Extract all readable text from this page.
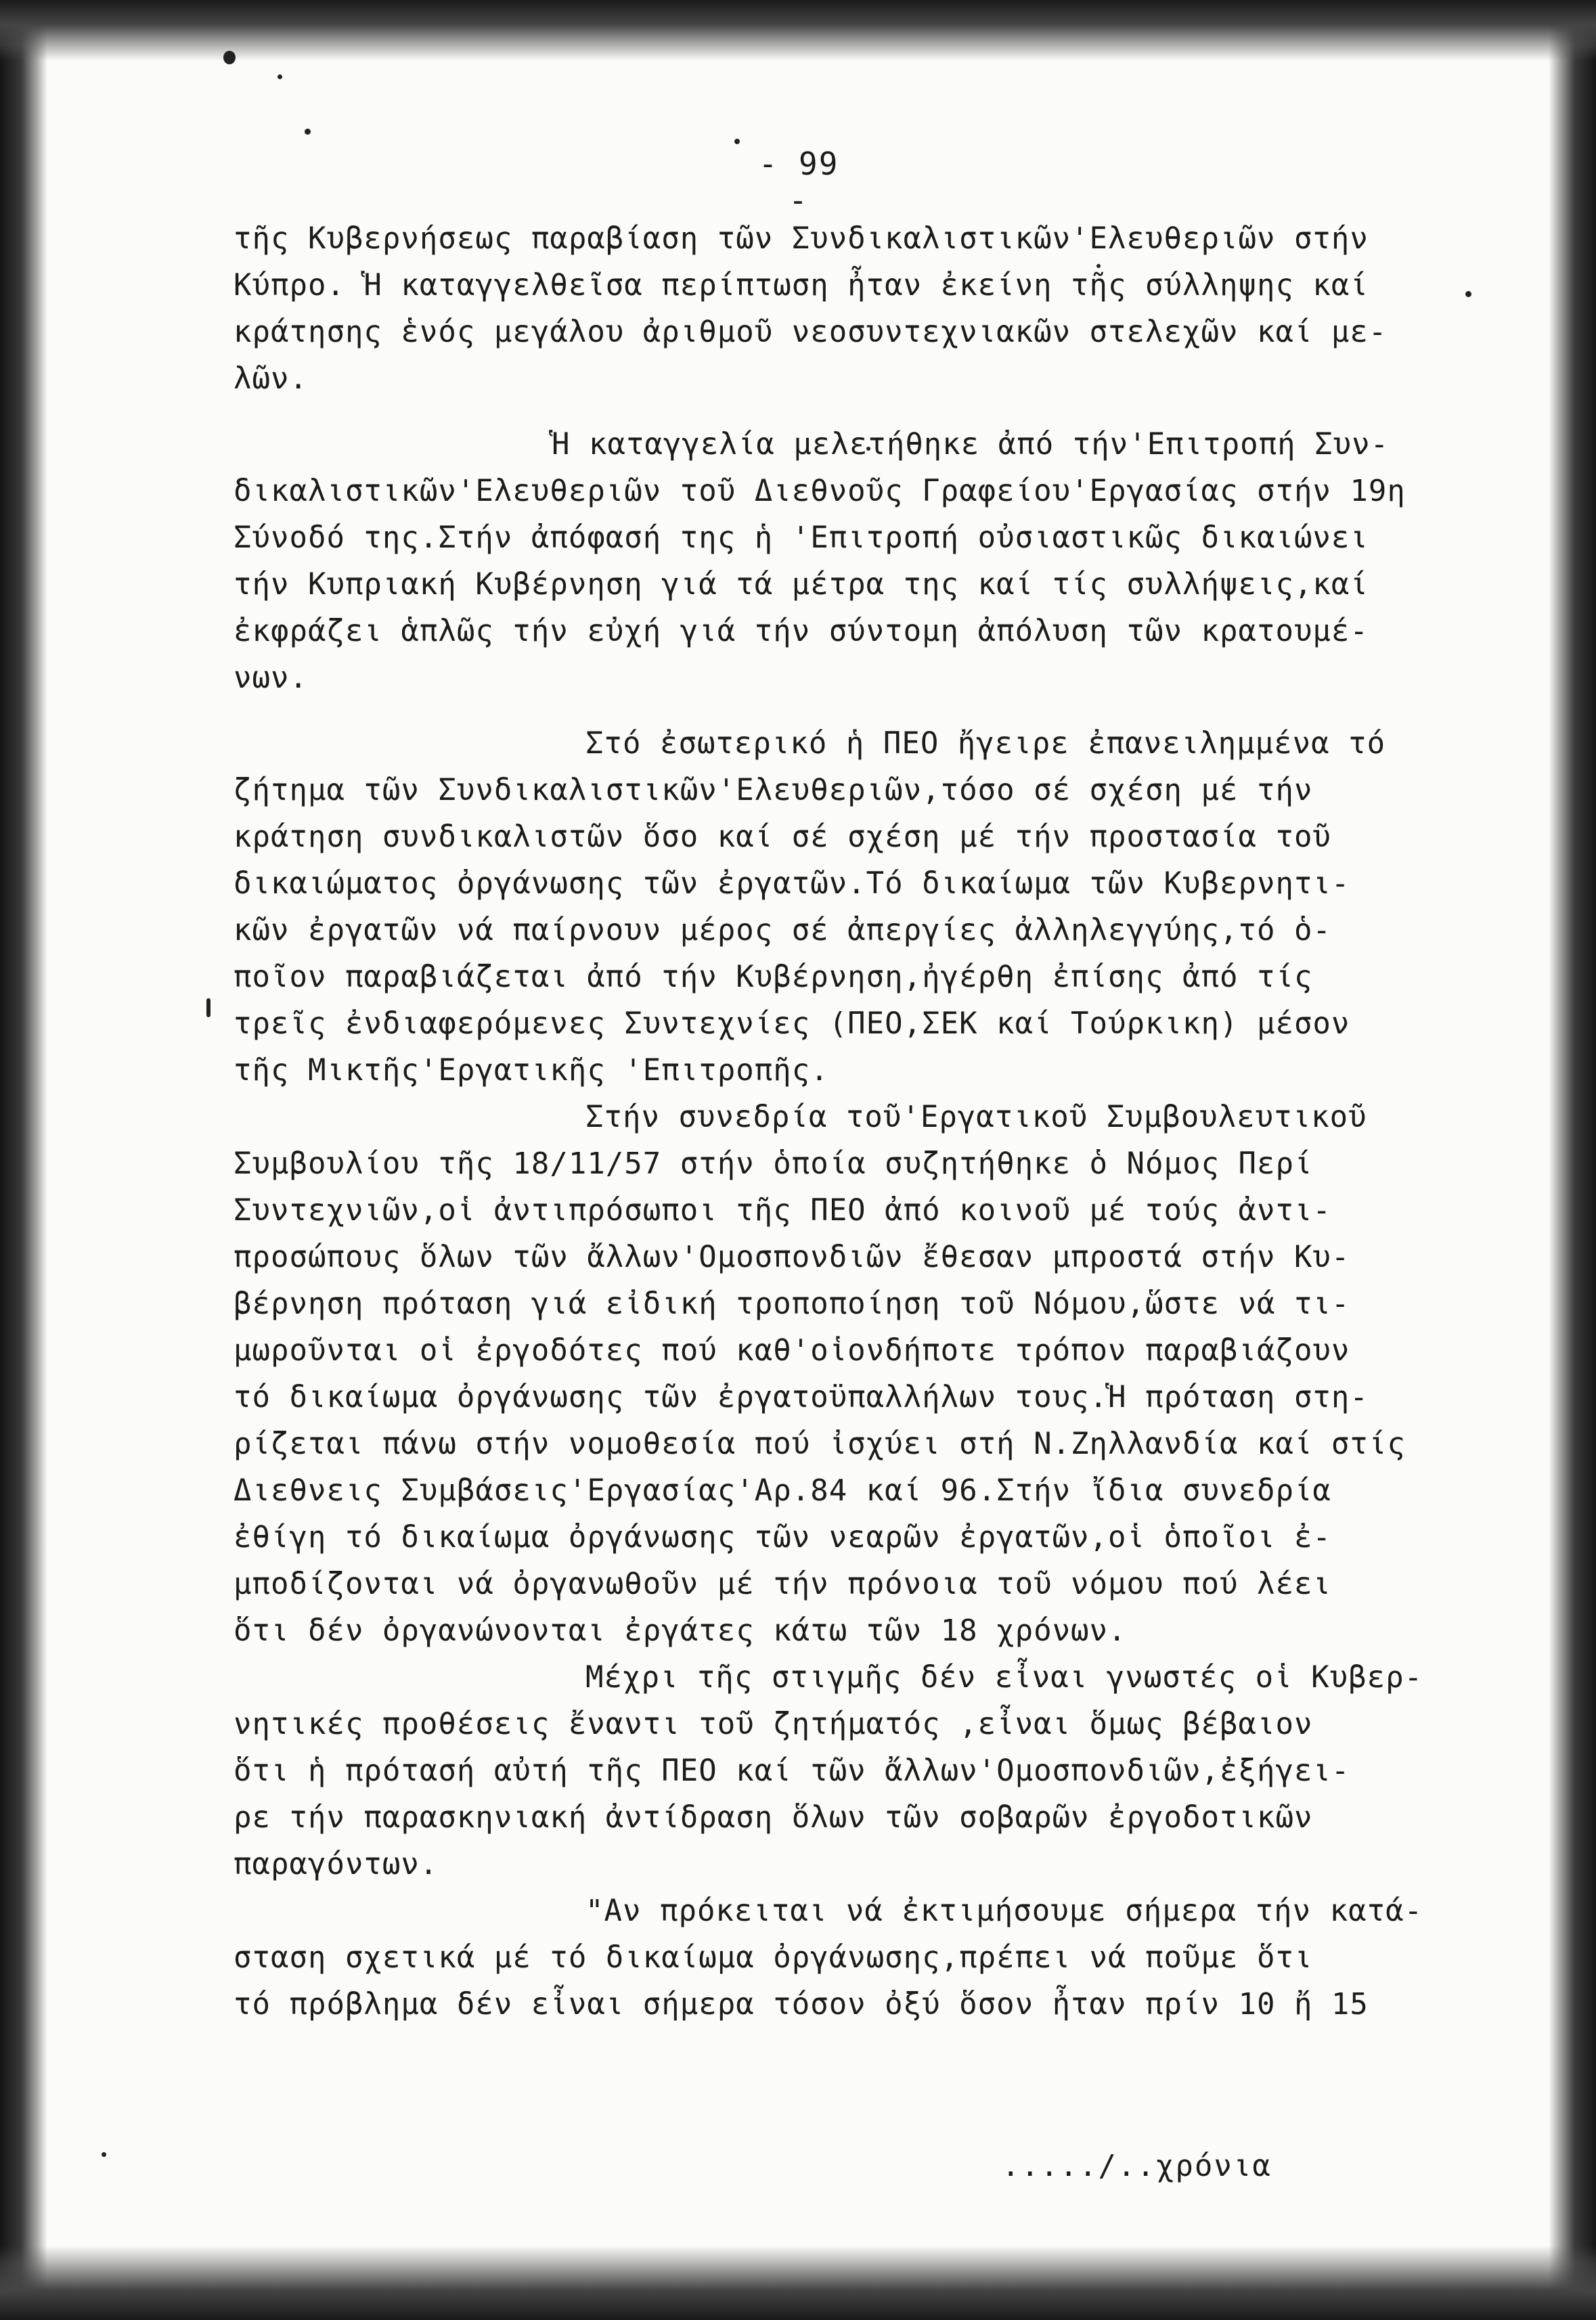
- 99 -
τῆς Κυβερνήσεως παραβίαση τῶν Συνδικαλιστικῶν'Ελευθεριῶν στήν
Κύπρο. Ἡ καταγγελθεῖσα περίπτωση ἦταν ἐκείνη τῆς σύλληψης καί
κράτησης ἑνός μεγάλου ἀριθμοῦ νεοσυντεχνιακῶν στελεχῶν καί με-
λῶν.
Ἡ καταγγελία μελετήθηκε ἀπό τήν'Επιτροπή Συν-
δικαλιστικῶν'Ελευθεριῶν τοῦ Διεθνοῦς Γραφείου'Εργασίας στήν 19η
Σύνοδό της.Στήν ἀπόφασή της ἡ 'Επιτροπή οὐσιαστικῶς δικαιώνει
τήν Κυπριακή Κυβέρνηση γιά τά μέτρα της καί τίς συλλήψεις,καί
ἐκφράζει ἁπλῶς τήν εὐχή γιά τήν σύντομη ἀπόλυση τῶν κρατουμέ-
νων.
Στό ἐσωτερικό ἡ ΠΕΟ ἤγειρε ἐπανειλημμένα τό
ζήτημα τῶν Συνδικαλιστικῶν'Ελευθεριῶν,τόσο σέ σχέση μέ τήν
κράτηση συνδικαλιστῶν ὅσο καί σέ σχέση μέ τήν προστασία τοῦ
δικαιώματος ὀργάνωσης τῶν ἐργατῶν.Τό δικαίωμα τῶν Κυβερνητι-
κῶν ἐργατῶν νά παίρνουν μέρος σέ ἀπεργίες ἀλληλεγγύης,τό ὁ-
ποῖον παραβιάζεται ἀπό τήν Κυβέρνηση,ἠγέρθη ἐπίσης ἀπό τίς
τρεῖς ἐνδιαφερόμενες Συντεχνίες (ΠΕΟ,ΣΕΚ καί Τούρκικη) μέσον
τῆς Μικτῆς'Εργατικῆς 'Επιτροπῆς.
Στήν συνεδρία τοῦ'Εργατικοῦ Συμβουλευτικοῦ
Συμβουλίου τῆς 18/11/57 στήν ὁποία συζητήθηκε ὁ Νόμος Περί
Συντεχνιῶν,οἱ ἀντιπρόσωποι τῆς ΠΕΟ ἀπό κοινοῦ μέ τούς ἀντι-
προσώπους ὅλων τῶν ἄλλων'Ομοσπονδιῶν ἔθεσαν μπροστά στήν Κυ-
βέρνηση πρόταση γιά εἰδική τροποποίηση τοῦ Νόμου,ὥστε νά τι-
μωροῦνται οἱ ἐργοδότες πού καθ'οἱονδήποτε τρόπον παραβιάζουν
τό δικαίωμα ὀργάνωσης τῶν ἐργατοϋπαλλήλων τους.Ἡ πρόταση στη-
ρίζεται πάνω στήν νομοθεσία πού ἰσχύει στή Ν.Ζηλλανδία καί στίς
Διεθνεις Συμβάσεις'Εργασίας'Αρ.84 καί 96.Στήν ἴδια συνεδρία
ἐθίγη τό δικαίωμα ὀργάνωσης τῶν νεαρῶν ἐργατῶν,οἱ ὁποῖοι ἐ-
μποδίζονται νά ὀργανωθοῦν μέ τήν πρόνοια τοῦ νόμου πού λέει
ὅτι δέν ὀργανώνονται ἐργάτες κάτω τῶν 18 χρόνων.
Μέχρι τῆς στιγμῆς δέν εἶναι γνωστές οἱ Κυβερ-
νητικές προθέσεις ἔναντι τοῦ ζητήματός ,εἶναι ὅμως βέβαιον
ὅτι ἡ πρότασή αὐτή τῆς ΠΕΟ καί τῶν ἄλλων'Ομοσπονδιῶν,ἐξήγει-
ρε τήν παρασκηνιακή ἀντίδραση ὅλων τῶν σοβαρῶν ἐργοδοτικῶν
παραγόντων.
"Αν πρόκειται νά ἐκτιμήσουμε σήμερα τήν κατά-
σταση σχετικά μέ τό δικαίωμα ὀργάνωσης,πρέπει νά ποῦμε ὅτι
τό πρόβλημα δέν εἶναι σήμερα τόσον ὀξύ ὅσον ἦταν πρίν 10 ἤ 15
...../..χρόνια
